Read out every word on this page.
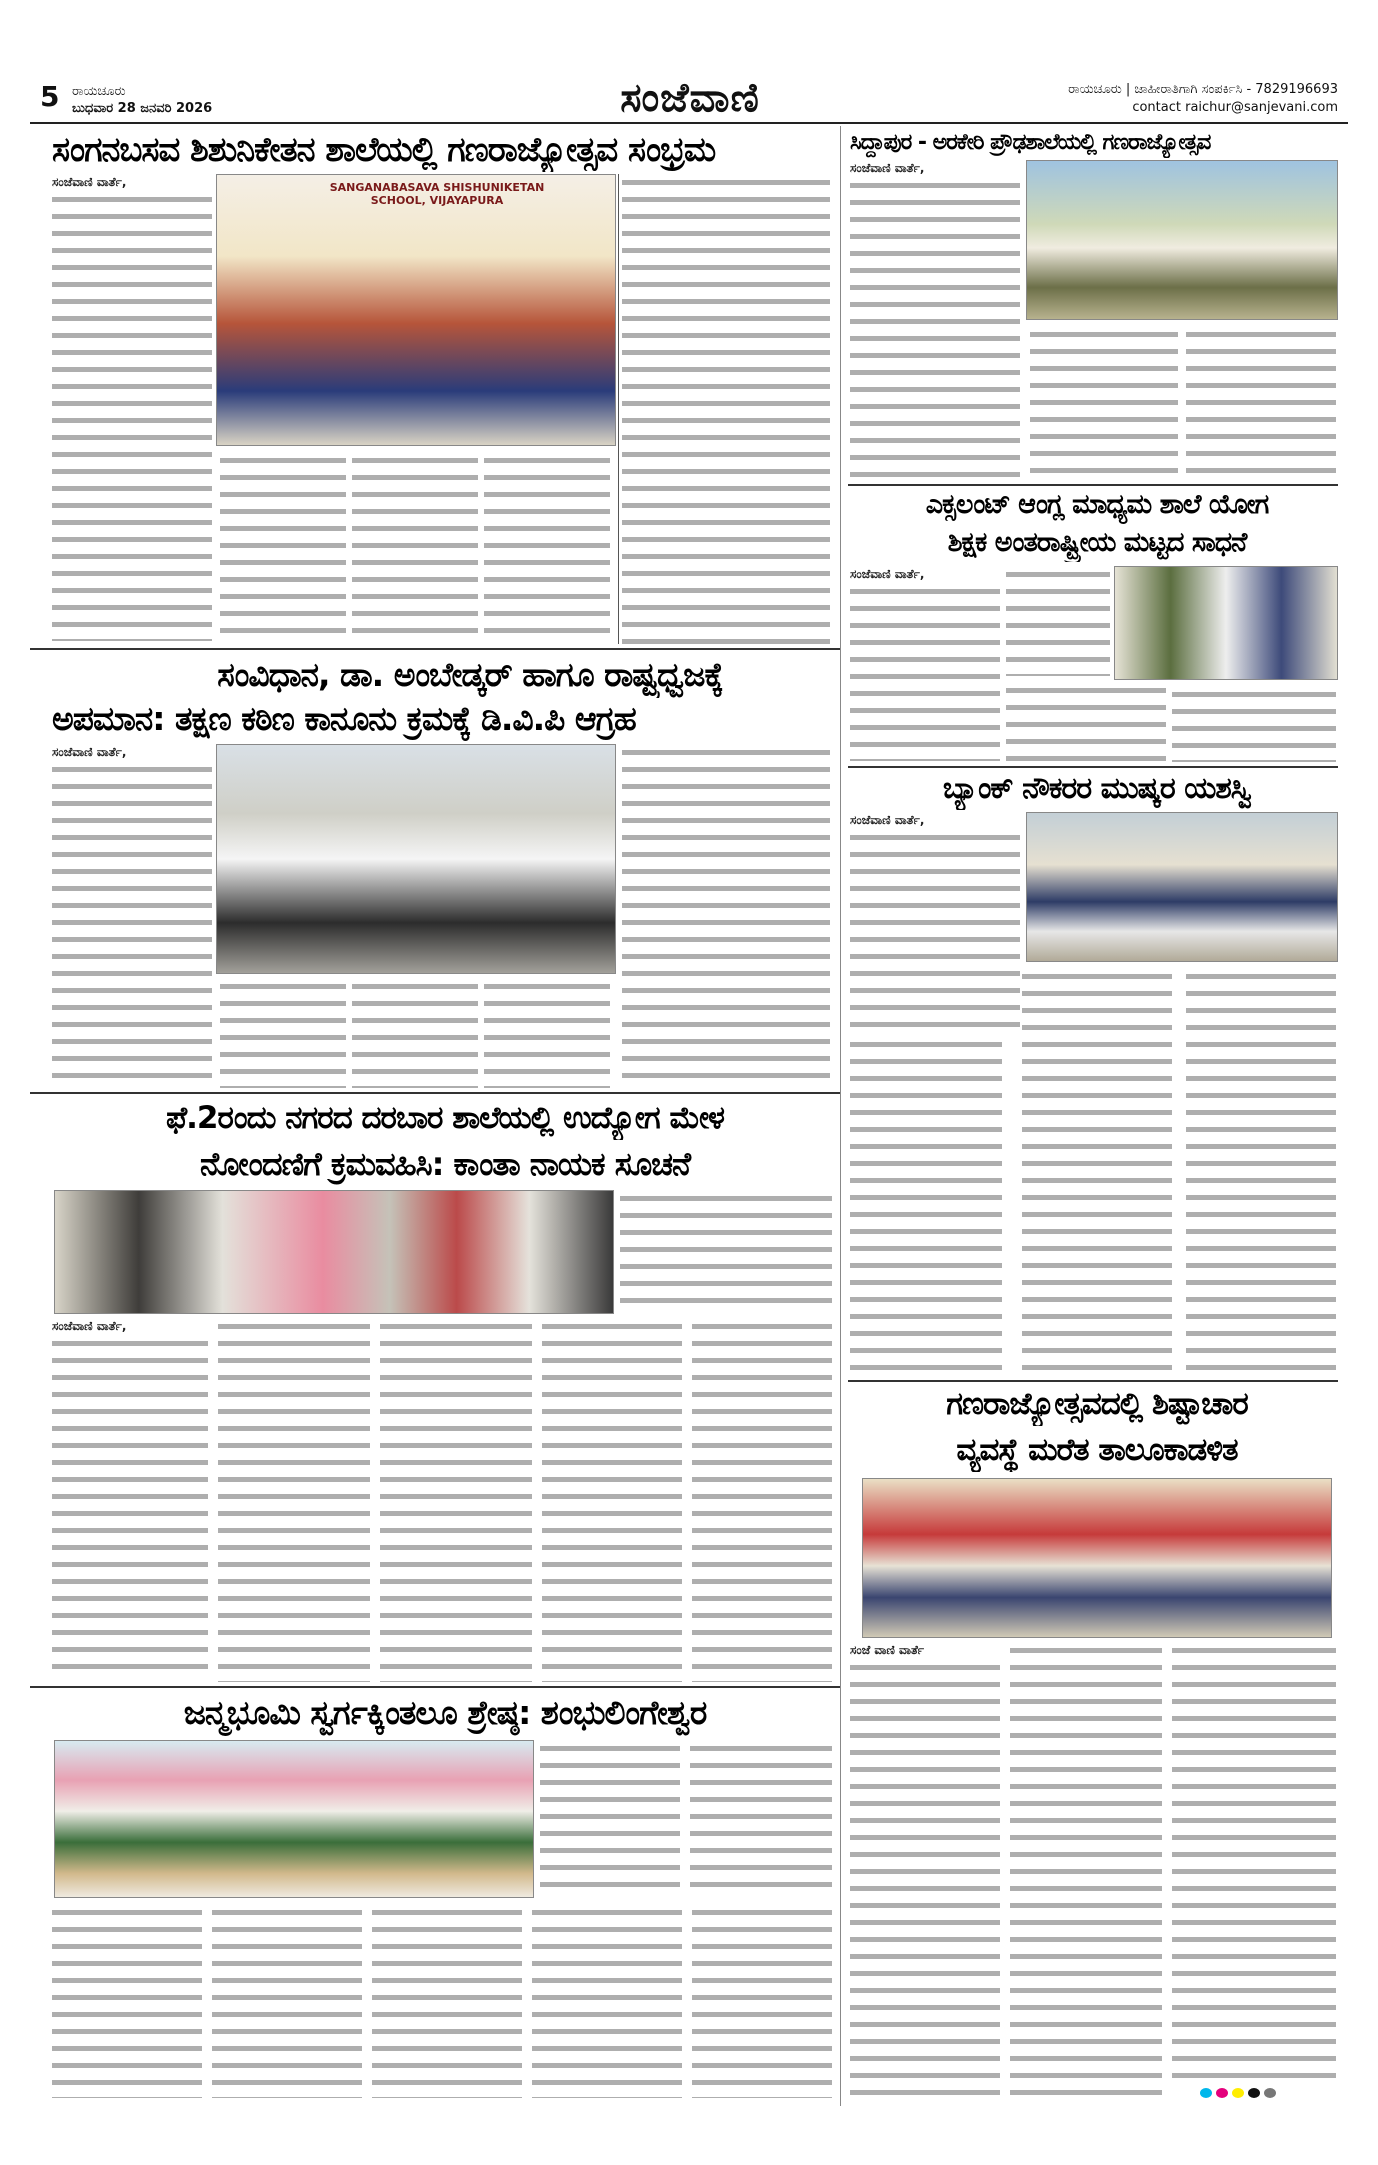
5 ರಾಯಚೂರು
ಬುಧವಾರ 28 ಜನವರಿ 2026	ಸಂಜೆವಾಣಿ	ರಾಯಚೂರು | ಜಾಹೀರಾತಿಗಾಗಿ ಸಂಪರ್ಕಿಸಿ - 7829196693
contact raichur@sanjevani.com
ಸಂಗನಬಸವ ಶಿಶುನಿಕೇತನ ಶಾಲೆಯಲ್ಲಿ ಗಣರಾಜ್ಯೋತ್ಸವ ಸಂಭ್ರಮ
ಸಂಜೆವಾಣಿ ವಾರ್ತೆ,	SANGANABASAVA SHISHUNIKETAN SCHOOL, VIJAYAPURA
ಸಿದ್ದಾಪುರ - ಅರಕೇರಿ ಪ್ರೌಢಶಾಲೆಯಲ್ಲಿ ಗಣರಾಜ್ಯೋತ್ಸವ
ಸಂಜೆವಾಣಿ ವಾರ್ತೆ,
ಎಕ್ಸಲಂಟ್ ಆಂಗ್ಲ ಮಾಧ್ಯಮ ಶಾಲೆ ಯೋಗ
ಶಿಕ್ಷಕ ಅಂತರಾಷ್ಟ್ರೀಯ ಮಟ್ಟದ ಸಾಧನೆ
ಸಂಜೆವಾಣಿ ವಾರ್ತೆ,
ಸಂವಿಧಾನ, ಡಾ. ಅಂಬೇಡ್ಕರ್ ಹಾಗೂ ರಾಷ್ಟ್ರಧ್ವಜಕ್ಕೆ
ಅಪಮಾನ: ತಕ್ಷಣ ಕಠಿಣ ಕಾನೂನು ಕ್ರಮಕ್ಕೆ ಡಿ.ವಿ.ಪಿ ಆಗ್ರಹ
ಸಂಜೆವಾಣಿ ವಾರ್ತೆ,
ಬ್ಯಾಂಕ್ ನೌಕರರ ಮುಷ್ಕರ ಯಶಸ್ವಿ
ಸಂಜೆವಾಣಿ ವಾರ್ತೆ,
ಫೆ.2ರಂದು ನಗರದ ದರಬಾರ ಶಾಲೆಯಲ್ಲಿ ಉದ್ಯೋಗ ಮೇಳ
ನೋಂದಣಿಗೆ ಕ್ರಮವಹಿಸಿ: ಕಾಂತಾ ನಾಯಕ ಸೂಚನೆ
ಸಂಜೆವಾಣಿ ವಾರ್ತೆ,
ಗಣರಾಜ್ಯೋತ್ಸವದಲ್ಲಿ ಶಿಷ್ಟಾಚಾರ
ವ್ಯವಸ್ಥೆ ಮರೆತ ತಾಲೂಕಾಡಳಿತ
ಸಂಜೆ ವಾಣಿ ವಾರ್ತೆ
ಜನ್ಮಭೂಮಿ ಸ್ವರ್ಗಕ್ಕಿಂತಲೂ ಶ್ರೇಷ್ಠ: ಶಂಭುಲಿಂಗೇಶ್ವರ
